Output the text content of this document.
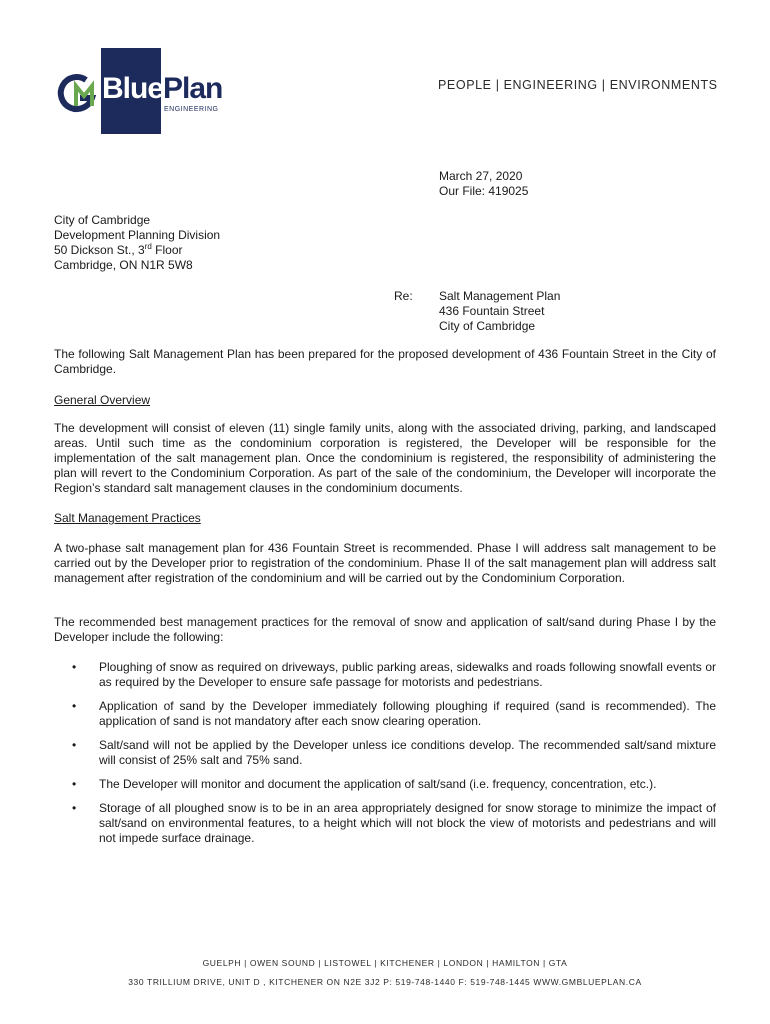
BluePlan
ENGINEERING
PEOPLE | ENGINEERING | ENVIRONMENTS
March 27, 2020
Our File: 419025
City of Cambridge
Development Planning Division
50 Dickson St., 3rd Floor
Cambridge, ON N1R 5W8
Re: Salt Management Plan
436 Fountain Street
City of Cambridge
The following Salt Management Plan has been prepared for the proposed development of 436 Fountain Street in the City of Cambridge.
General Overview
The development will consist of eleven (11) single family units, along with the associated driving, parking, and landscaped areas. Until such time as the condominium corporation is registered, the Developer will be responsible for the implementation of the salt management plan. Once the condominium is registered, the responsibility of administering the plan will revert to the Condominium Corporation. As part of the sale of the condominium, the Developer will incorporate the Region’s standard salt management clauses in the condominium documents.
Salt Management Practices
A two-phase salt management plan for 436 Fountain Street is recommended. Phase I will address salt management to be carried out by the Developer prior to registration of the condominium. Phase II of the salt management plan will address salt management after registration of the condominium and will be carried out by the Condominium Corporation.
The recommended best management practices for the removal of snow and application of salt/sand during Phase I by the Developer include the following:
• Ploughing of snow as required on driveways, public parking areas, sidewalks and roads following snowfall events or as required by the Developer to ensure safe passage for motorists and pedestrians.
• Application of sand by the Developer immediately following ploughing if required (sand is recommended). The application of sand is not mandatory after each snow clearing operation.
• Salt/sand will not be applied by the Developer unless ice conditions develop. The recommended salt/sand mixture will consist of 25% salt and 75% sand.
• The Developer will monitor and document the application of salt/sand (i.e. frequency, concentration, etc.).
• Storage of all ploughed snow is to be in an area appropriately designed for snow storage to minimize the impact of salt/sand on environmental features, to a height which will not block the view of motorists and pedestrians and will not impede surface drainage.
GUELPH | OWEN SOUND | LISTOWEL | KITCHENER | LONDON | HAMILTON | GTA
330 TRILLIUM DRIVE, UNIT D , KITCHENER ON N2E 3J2 P: 519-748-1440 F: 519-748-1445 WWW.GMBLUEPLAN.CA
